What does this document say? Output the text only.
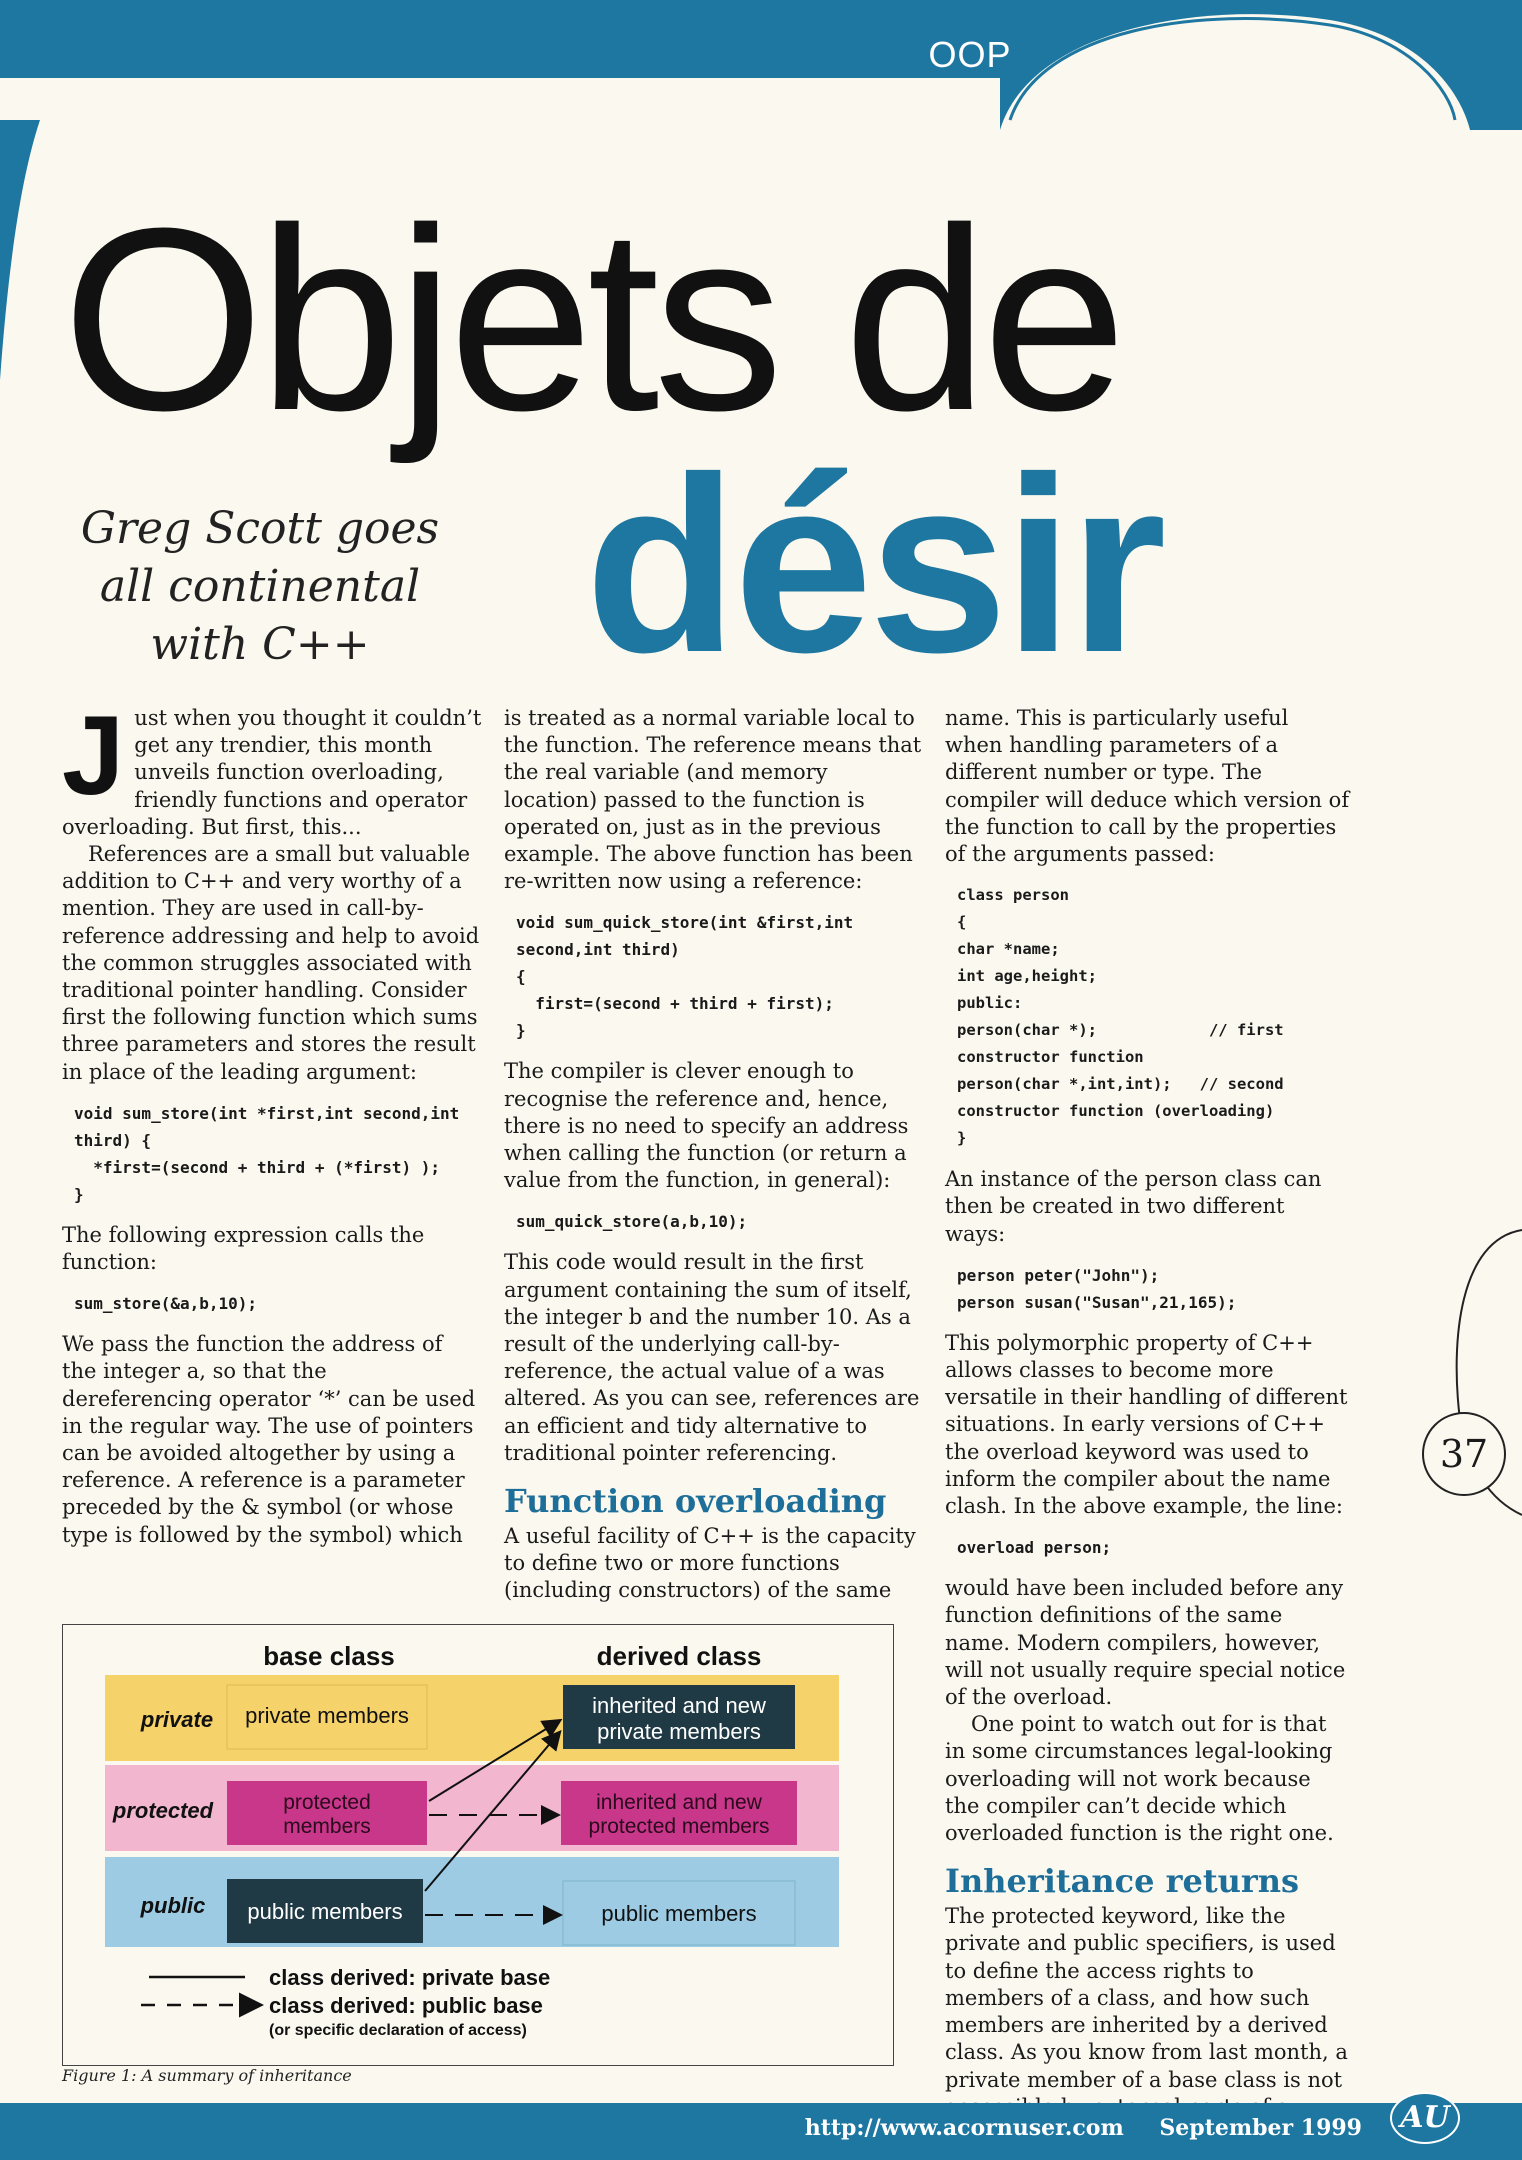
OOP
Objets de
désir
Greg Scott goes
all continental
with C++

Just when you thought it couldn’t get any trendier, this month unveils function overloading, friendly functions and operator overloading. But first, this...

References are a small but valuable addition to C++ and very worthy of a mention. They are used in call-by-reference addressing and help to avoid the common struggles associated with traditional pointer handling. Consider first the following function which sums three parameters and stores the result in place of the leading argument:

void sum_store(int *first,int second,int
third) {
*first=(second + third + (*first) );
}

The following expression calls the function:

sum_store(&a,b,10);

We pass the function the address of the integer a, so that the dereferencing operator ‘*’ can be used in the regular way. The use of pointers can be avoided altogether by using a reference. A reference is a parameter preceded by the & symbol (or whose type is followed by the symbol) which

is treated as a normal variable local to the function. The reference means that the real variable (and memory location) passed to the function is operated on, just as in the previous example. The above function has been re-written now using a reference:

void sum_quick_store(int &first,int
second,int third)
{
first=(second + third + first);
}

The compiler is clever enough to recognise the reference and, hence, there is no need to specify an address when calling the function (or return a value from the function, in general):

sum_quick_store(a,b,10);

This code would result in the first argument containing the sum of itself, the integer b and the number 10. As a result of the underlying call-by-reference, the actual value of a was altered. As you can see, references are an efficient and tidy alternative to traditional pointer referencing.

Function overloading

A useful facility of C++ is the capacity to define two or more functions (including constructors) of the same

name. This is particularly useful when handling parameters of a different number or type. The compiler will deduce which version of the function to call by the properties of the arguments passed:

class person
{
char *name;
int age,height;
public:
person(char *);            // first
constructor function
person(char *,int,int);   // second
constructor function (overloading)
}

An instance of the person class can then be created in two different ways:

person peter("John");
person susan("Susan",21,165);

This polymorphic property of C++ allows classes to become more versatile in their handling of different situations. In early versions of C++ the overload keyword was used to inform the compiler about the name clash. In the above example, the line:

overload person;

would have been included before any function definitions of the same name. Modern compilers, however, will not usually require special notice of the overload.

One point to watch out for is that in some circumstances legal-looking overloading will not work because the compiler can’t decide which overloaded function is the right one.

Inheritance returns

The protected keyword, like the private and public specifiers, is used to define the access rights to members of a class, and how such members are inherited by a derived class. As you know from last month, a private member of a base class is not

37
base class	derived class
private
protected
public
private members
protected
members
public members
inherited and new
private members
inherited and new
protected members
public members
class derived: private base
class derived: public base
(or specific declaration of access)
Figure 1: A summary of inheritance
http://www.acornuser.com September 1999	AU
